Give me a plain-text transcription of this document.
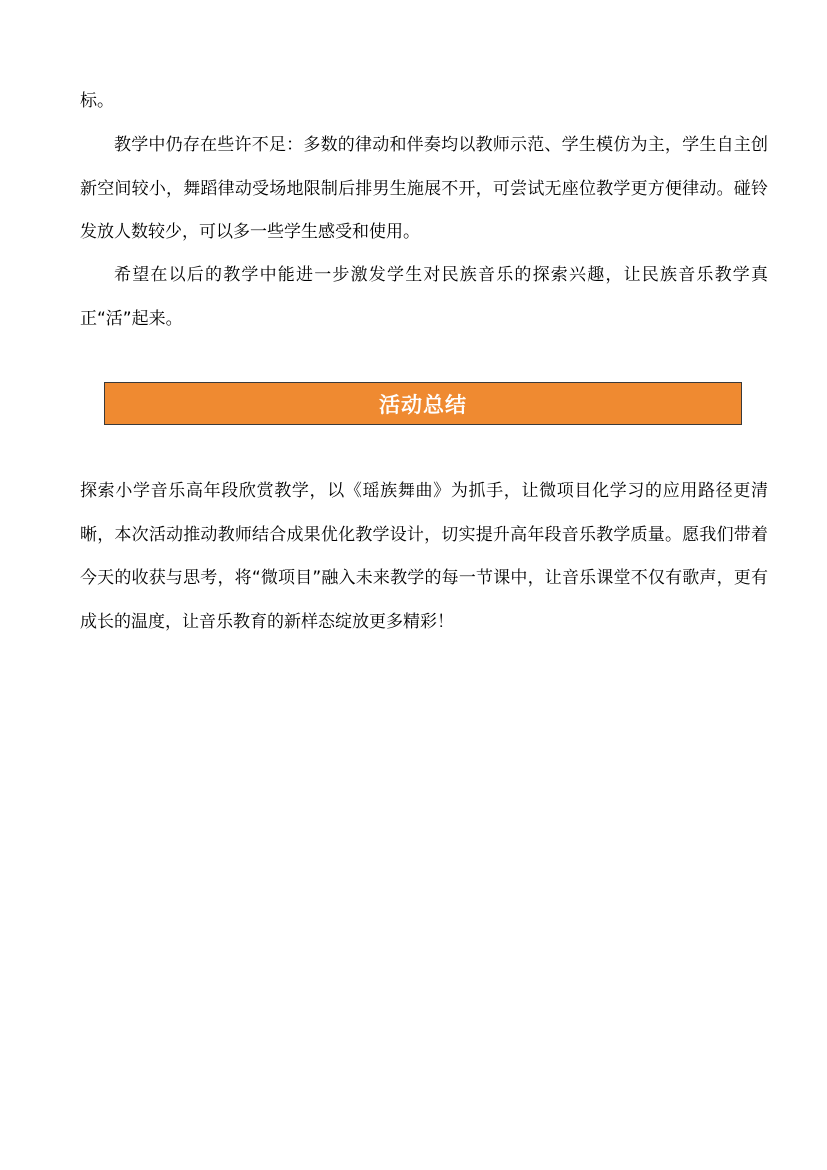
标。

教学中仍存在些许不足：多数的律动和伴奏均以教师示范、学生模仿为主，学生自主创新空间较小，舞蹈律动受场地限制后排男生施展不开，可尝试无座位教学更方便律动。碰铃发放人数较少，可以多一些学生感受和使用。

希望在以后的教学中能进一步激发学生对民族音乐的探索兴趣，让民族音乐教学真正“活”起来。

活动总结

探索小学音乐高年段欣赏教学，以《瑶族舞曲》为抓手，让微项目化学习的应用路径更清晰，本次活动推动教师结合成果优化教学设计，切实提升高年段音乐教学质量。愿我们带着今天的收获与思考，将“微项目”融入未来教学的每一节课中，让音乐课堂不仅有歌声，更有成长的温度，让音乐教育的新样态绽放更多精彩！
